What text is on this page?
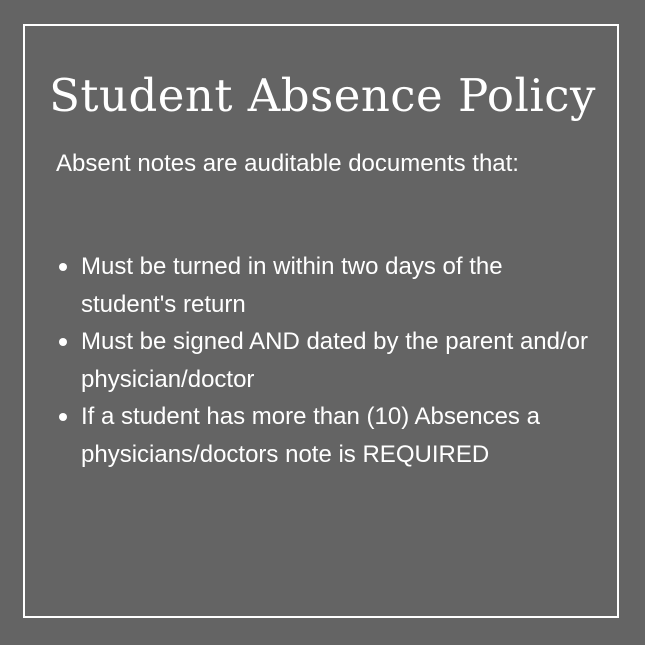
Student Absence Policy
Absent notes are auditable documents that:
Must be turned in within two days of the student's return
Must be signed AND dated by the parent and/or physician/doctor
If a student has more than (10) Absences a physicians/doctors note is REQUIRED
